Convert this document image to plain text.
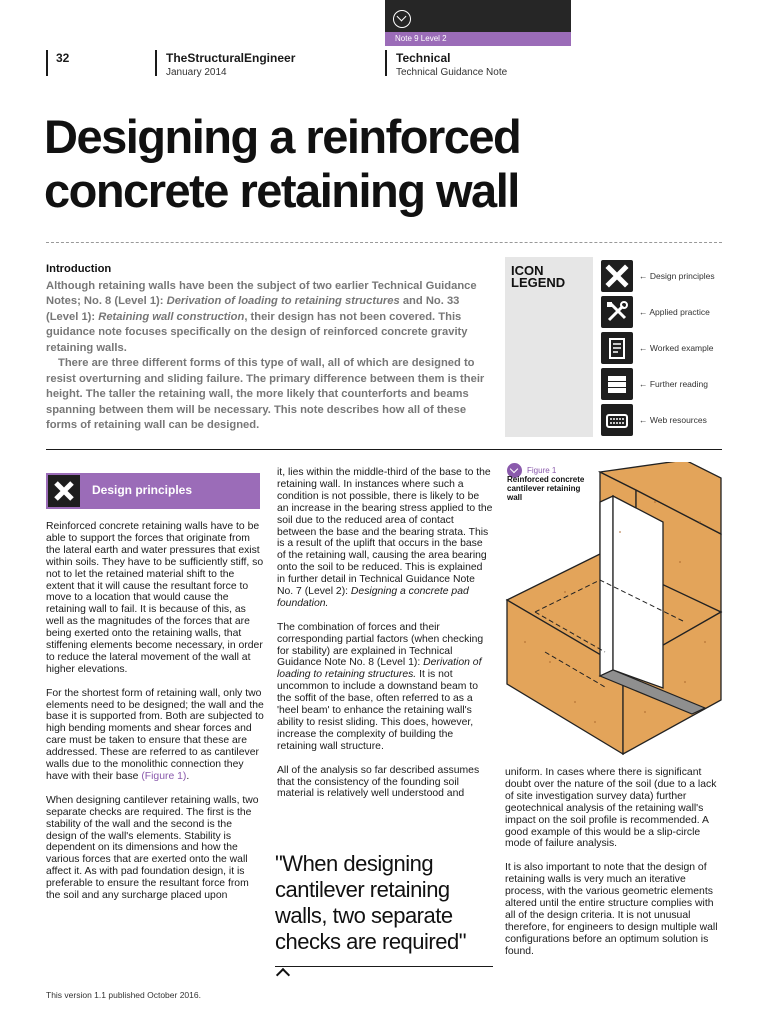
Note 9 Level 2
32	TheStructuralEngineer
January 2014
Technical
Technical Guidance Note
Designing a reinforced
concrete retaining wall
Introduction

Although retaining walls have been the subject of two earlier Technical Guidance Notes; No. 8 (Level 1): Derivation of loading to retaining structures and No. 33 (Level 1): Retaining wall construction, their design has not been covered. This guidance note focuses specifically on the design of reinforced concrete gravity retaining walls.

There are three different forms of this type of wall, all of which are designed to resist overturning and sliding failure. The primary difference between them is their height. The taller the retaining wall, the more likely that counterforts and beams spanning between them will be necessary. This note describes how all of these forms of retaining wall can be designed.

ICON
LEGEND	← Design principles
← Applied practice
← Worked example
← Further reading
← Web resources
Design principles

Reinforced concrete retaining walls have to be able to support the forces that originate from the lateral earth and water pressures that exist within soils. They have to be sufficiently stiff, so not to let the retained material shift to the extent that it will cause the resultant force to move to a location that would cause the retaining wall to fail. It is because of this, as well as the magnitudes of the forces that are being exerted onto the retaining walls, that stiffening elements become necessary, in order to reduce the lateral movement of the wall at higher elevations.

For the shortest form of retaining wall, only two elements need to be designed; the wall and the base it is supported from. Both are subjected to high bending moments and shear forces and care must be taken to ensure that these are addressed. These are referred to as cantilever walls due to the monolithic connection they have with their base (Figure 1).

When designing cantilever retaining walls, two separate checks are required. The first is the stability of the wall and the second is the design of the wall's elements. Stability is dependent on its dimensions and how the various forces that are exerted onto the wall affect it. As with pad foundation design, it is preferable to ensure the resultant force from the soil and any surcharge placed upon

it, lies within the middle-third of the base to the retaining wall. In instances where such a condition is not possible, there is likely to be an increase in the bearing stress applied to the soil due to the reduced area of contact between the base and the bearing strata. This is a result of the uplift that occurs in the base of the retaining wall, causing the area bearing onto the soil to be reduced. This is explained in further detail in Technical Guidance Note No. 7 (Level 2): Designing a concrete pad foundation.

The combination of forces and their corresponding partial factors (when checking for stability) are explained in Technical Guidance Note No. 8 (Level 1): Derivation of loading to retaining structures. It is not uncommon to include a downstand beam to the soffit of the base, often referred to as a 'heel beam' to enhance the retaining wall's ability to resist sliding. This does, however, increase the complexity of building the retaining wall structure.

All of the analysis so far described assumes that the consistency of the founding soil material is relatively well understood and

"When designing cantilever retaining walls, two separate checks are required"
Figure 1
Reinforced concrete cantilever retaining wall

uniform. In cases where there is significant doubt over the nature of the soil (due to a lack of site investigation survey data) further geotechnical analysis of the retaining wall's impact on the soil profile is recommended. A good example of this would be a slip-circle mode of failure analysis.

It is also important to note that the design of retaining walls is very much an iterative process, with the various geometric elements altered until the entire structure complies with all of the design criteria. It is not unusual therefore, for engineers to design multiple wall configurations before an optimum solution is found.

This version 1.1 published October 2016.
